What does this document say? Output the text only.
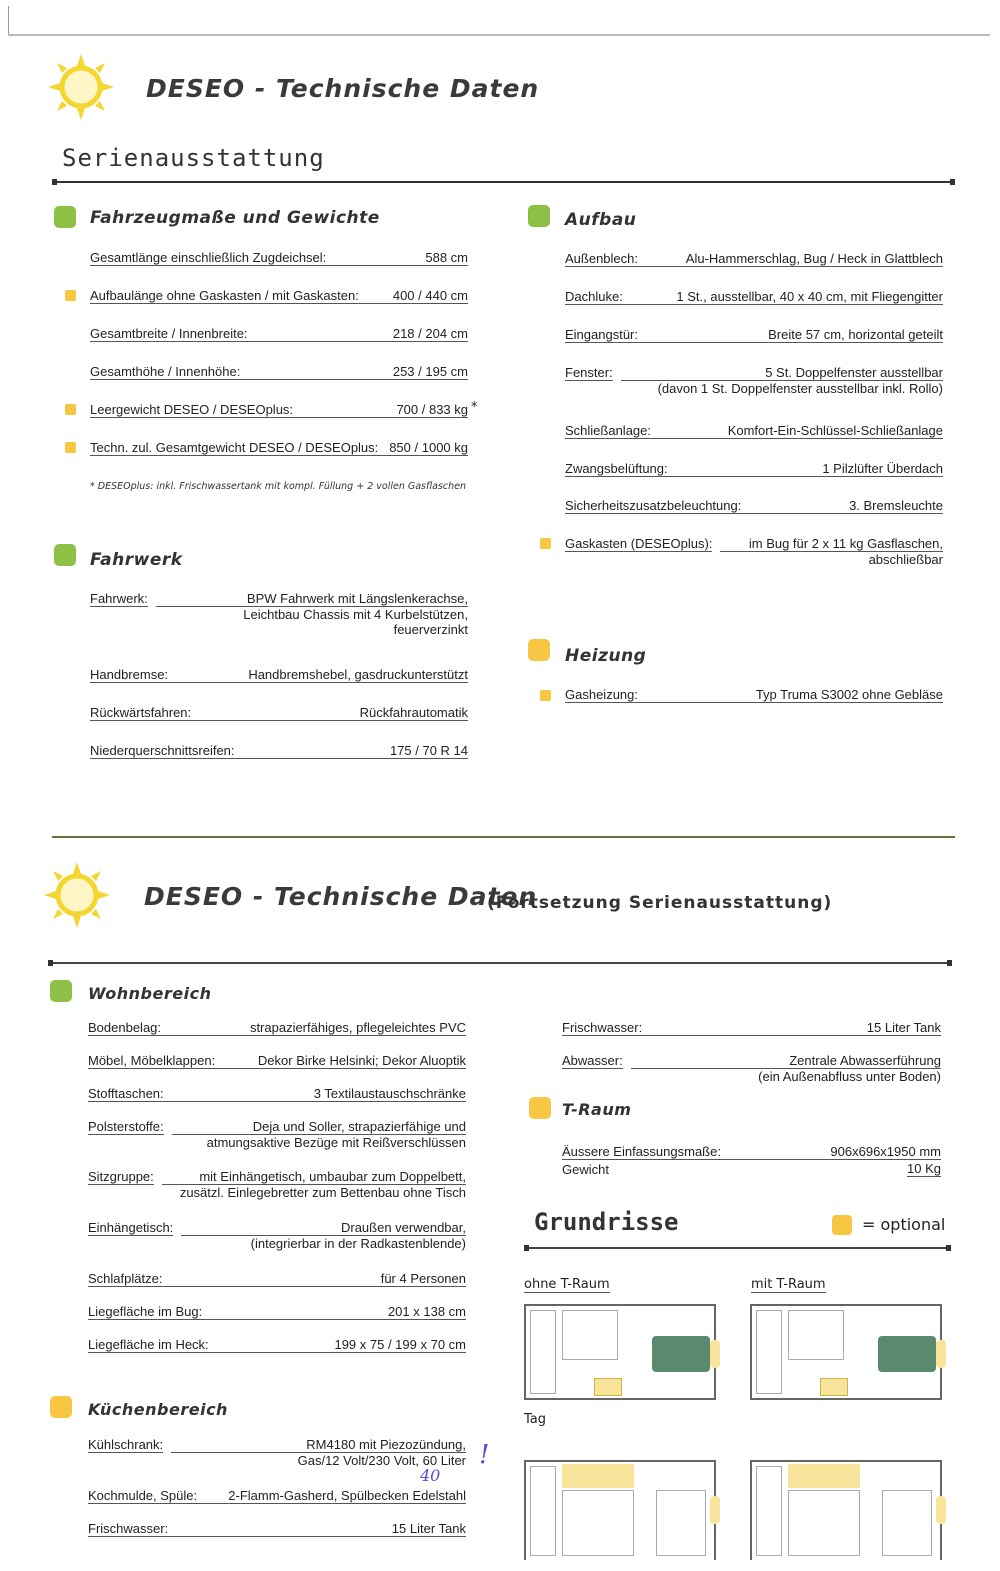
DESEO - Technische Daten
Serienausstattung
Fahrzeugmaße und Gewichte
Gesamtlänge einschließlich Zugdeichsel:	588 cm
Aufbaulänge ohne Gaskasten / mit Gaskasten:	400 / 440 cm
Gesamtbreite / Innenbreite:	218 / 204 cm
Gesamthöhe / Innenhöhe:	253 / 195 cm
Leergewicht DESEO / DESEOplus:	700 / 833 kg *
Techn. zul. Gesamtgewicht DESEO / DESEOplus: 850 / 1000 kg
* DESEOplus: inkl. Frischwassertank mit kompl. Füllung + 2 vollen Gasflaschen
Fahrwerk
Fahrwerk:	BPW Fahrwerk mit Längslenkerachse,
Leichtbau Chassis mit 4 Kurbelstützen,
feuerverzinkt
Handbremse:	Handbremshebel, gasdruckunterstützt
Rückwärtsfahren:	Rückfahrautomatik
Niederquerschnittsreifen:	175 / 70 R 14
Aufbau
Außenblech:	Alu-Hammerschlag, Bug / Heck in Glattblech
Dachluke:	1 St., ausstellbar, 40 x 40 cm, mit Fliegengitter
Eingangstür:	Breite 57 cm, horizontal geteilt
Fenster:	5 St. Doppelfenster ausstellbar
(davon 1 St. Doppelfenster ausstellbar inkl. Rollo)
Schließanlage:	Komfort-Ein-Schlüssel-Schließanlage
Zwangsbelüftung:	1 Pilzlüfter Überdach
Sicherheitszusatzbeleuchtung:	3. Bremsleuchte
Gaskasten (DESEOplus):	im Bug für 2 x 11 kg Gasflaschen,
abschließbar
Heizung
Gasheizung:	Typ Truma S3002 ohne Gebläse
DESEO - Technische Daten
(Fortsetzung Serienausstattung)
Wohnbereich
Bodenbelag:	strapazierfähiges, pflegeleichtes PVC
Möbel, Möbelklappen:	Dekor Birke Helsinki; Dekor Aluoptik
Stofftaschen:	3 Textilaustauschschränke
Polsterstoffe:	Deja und Soller, strapazierfähige und
atmungsaktive Bezüge mit Reißverschlüssen
Sitzgruppe:	mit Einhängetisch, umbaubar zum Doppelbett,
zusätzl. Einlegebretter zum Bettenbau ohne Tisch
Einhängetisch:	Draußen verwendbar,
(integrierbar in der Radkastenblende)
Schlafplätze:	für 4 Personen
Liegefläche im Bug:	201 x 138 cm
Liegefläche im Heck:	199 x 75 / 199 x 70 cm
Küchenbereich
Kühlschrank:	RM4180 mit Piezozündung,
Gas/12 Volt/230 Volt, 60 Liter
40
!
Kochmulde, Spüle:	2-Flamm-Gasherd, Spülbecken Edelstahl
Frischwasser:	15 Liter Tank
Frischwasser:	15 Liter Tank
Abwasser:	Zentrale Abwasserführung
(ein Außenabfluss unter Boden)
T-Raum
Äussere Einfassungsmaße:	906x696x1950 mm
Gewicht	10 Kg
Grundrisse	= optional
ohne T-Raum	mit T-Raum
Tag
